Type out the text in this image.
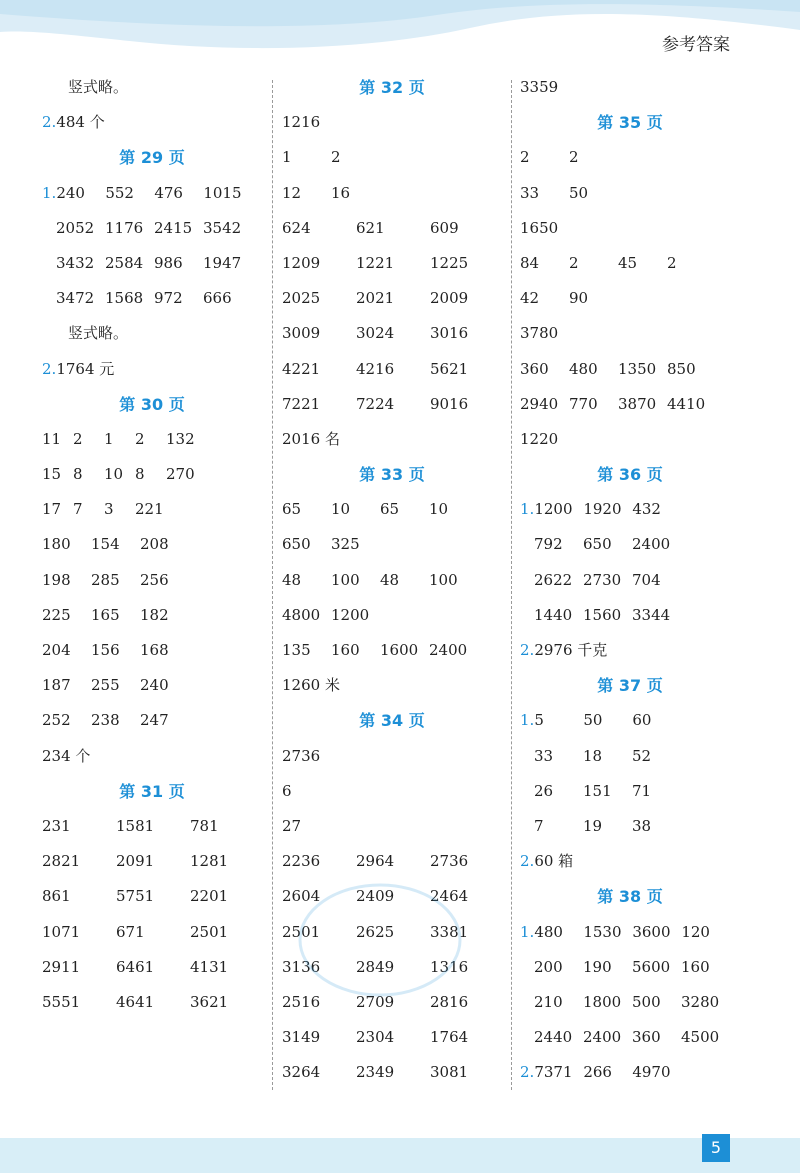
参考答案
竖式略。
2. 484 个
第 29 页
1. 240	552	476	1015
2052 1176 2415 3542
3432 2584 986	1947
3472 1568 972	666
竖式略。
2. 1764 元
第 30 页
11 2	1	2	132
15 8	10 8	270
17 7	3	221
180	154	208
198	285	256
225	165	182
204	156	168
187	255	240
252	238	247
234 个
第 31 页
231	1581	781
2821	2091	1281
861	5751	2201
1071	671	2501
2911	6461	4131
5551	4641	3621
第 32 页
1216
1	2
12	16
624	621	609
1209	1221	1225
2025	2021	2009
3009	3024	3016
4221	4216	5621
7221	7224	9016
2016 名
第 33 页
65	10	65	10
650	325
48	100	48	100
4800 1200
135	160	1600 2400
1260 米
第 34 页
2736
6
27
2236	2964	2736
2604	2409	2464
2501	2625	3381
3136	2849	1316
2516	2709	2816
3149	2304	1764
3264	2349	3081
3359
第 35 页
2	2
33	50
1650
84	2	45	2
42	90
3780
360	480	1350 850
2940 770	3870 4410
1220
第 36 页
1. 1200 1920 432
792	650	2400
2622 2730 704
1440 1560 3344
2. 2976 千克
第 37 页
1. 5	50	60
33	18	52
26	151	71
7	19	38
2. 60 箱
第 38 页
1. 480	1530 3600 120
200	190	5600 160
210	1800 500	3280
2440 2400 360	4500
2. 7371 266	4970
5
